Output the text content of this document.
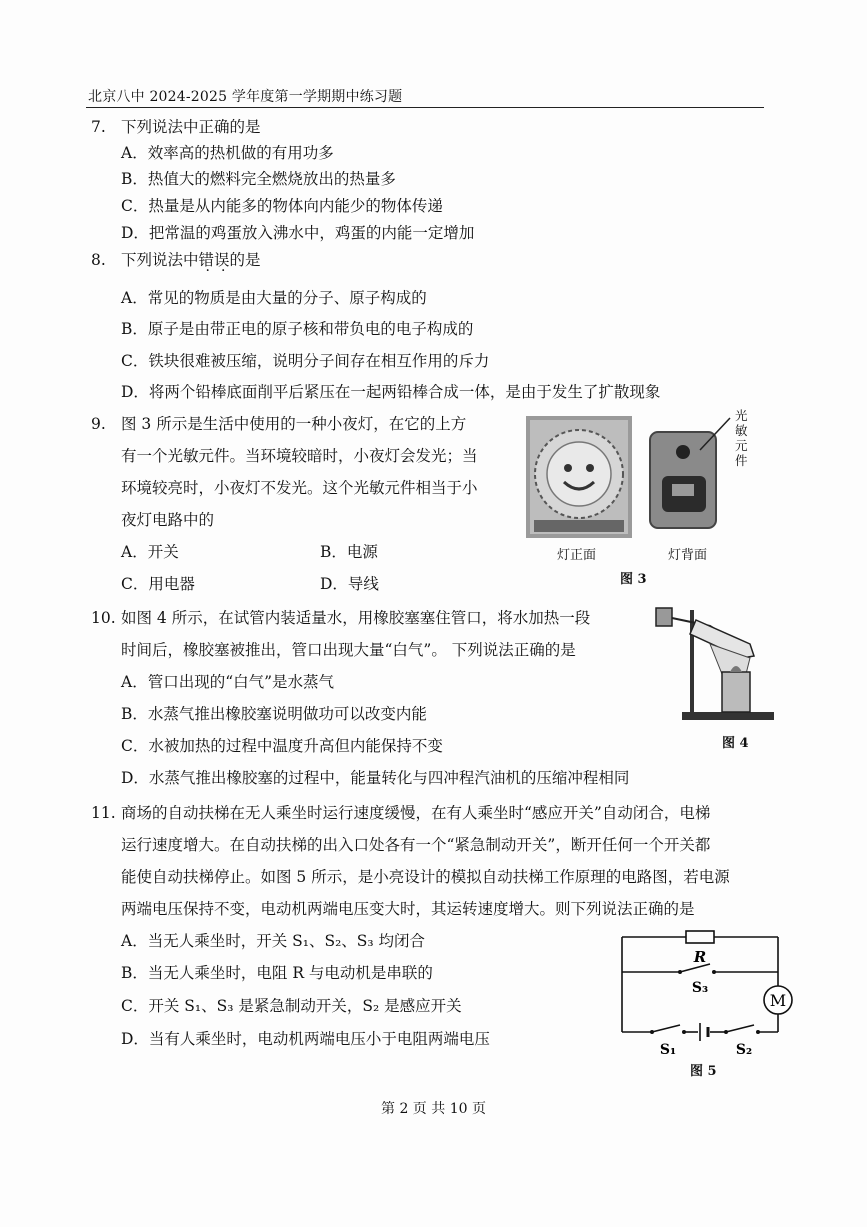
北京八中 2024-2025 学年度第一学期期中练习题
7. 下列说法中正确的是
A．效率高的热机做的有用功多
B．热值大的燃料完全燃烧放出的热量多
C．热量是从内能多的物体向内能少的物体传递
D．把常温的鸡蛋放入沸水中，鸡蛋的内能一定增加
8. 下列说法中错误的是
A．常见的物质是由大量的分子、原子构成的
B．原子是由带正电的原子核和带负电的电子构成的
C．铁块很难被压缩，说明分子间存在相互作用的斥力
D．将两个铅棒底面削平后紧压在一起两铅棒合成一体，是由于发生了扩散现象
9. 图 3 所示是生活中使用的一种小夜灯，在它的上方
有一个光敏元件。当环境较暗时，小夜灯会发光；当
环境较亮时，小夜灯不发光。这个光敏元件相当于小
夜灯电路中的
A．开关	B．电源
C．用电器	D．导线
光敏元件
灯正面	灯背面
图 3
10. 如图 4 所示，在试管内装适量水，用橡胶塞塞住管口，将水加热一段
时间后，橡胶塞被推出，管口出现大量“白气”。 下列说法正确的是
A．管口出现的“白气”是水蒸气
B．水蒸气推出橡胶塞说明做功可以改变内能
C．水被加热的过程中温度升高但内能保持不变
D．水蒸气推出橡胶塞的过程中，能量转化与四冲程汽油机的压缩冲程相同
图 4
11. 商场的自动扶梯在无人乘坐时运行速度缓慢，在有人乘坐时“感应开关”自动闭合，电梯
运行速度增大。在自动扶梯的出入口处各有一个“紧急制动开关”，断开任何一个开关都
能使自动扶梯停止。如图 5 所示，是小亮设计的模拟自动扶梯工作原理的电路图，若电源
两端电压保持不变，电动机两端电压变大时，其运转速度增大。则下列说法正确的是
A．当无人乘坐时，开关 S₁、S₂、S₃ 均闭合
B．当无人乘坐时，电阻 R 与电动机是串联的
C．开关 S₁、S₃ 是紧急制动开关，S₂ 是感应开关
D．当有人乘坐时，电动机两端电压小于电阻两端电压
M
R
S₃
S₁	S₂
图 5
第 2 页 共 10 页
